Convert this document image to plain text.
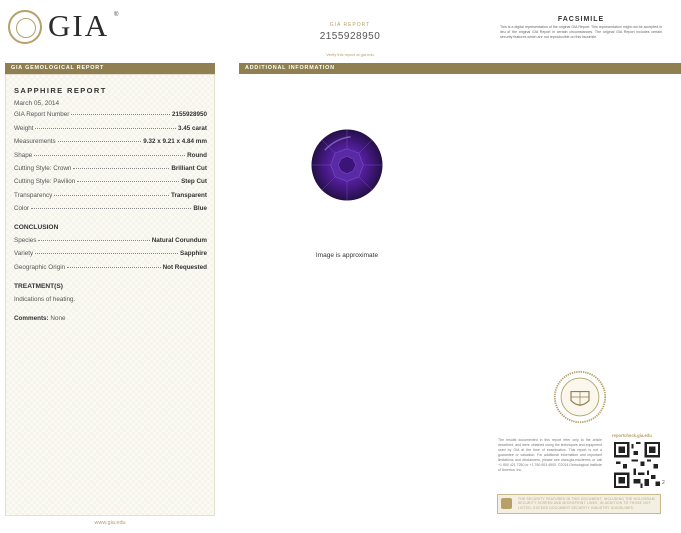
GIA ®
GIA REPORT
2155928950
Verify this report at gia.edu
FACSIMILE
This is a digital representation of the original GIA Report. This representation might not be accepted in lieu of the original GIA Report in certain circumstances. The original GIA Report includes certain security features which are not reproducible on this facsimile.
GIA GEMOLOGICAL REPORT	ADDITIONAL INFORMATION
SAPPHIRE REPORT
March 05, 2014
GIA Report Number	2155928950
Weight	3.45 carat
Measurements	9.32 x 9.21 x 4.84 mm
Shape	Round
Cutting Style: Crown	Brilliant Cut
Cutting Style: Pavilion	Step Cut
Transparency	Transparent
Color	Blue
CONCLUSION
Species	Natural Corundum
Variety	Sapphire
Geographic Origin	Not Requested
TREATMENT(S)
Indications of heating.
Comments: None
Image is approximate
The results documented in this report refer only to the article described, and were obtained using the techniques and equipment used by GIA at the time of examination. This report is not a guarantee or valuation. For additional information and important limitations and disclaimers, please see www.gia.edu/terms or call +1 800 421 7250 or +1 760 603 4500. ©2014 Gemological Institute of America, Inc.
reportcheck.gia.edu
2
THE SECURITY FEATURES IN THIS DOCUMENT, INCLUDING THE HOLOGRAM, SECURITY SCREEN AND MICROPRINT LINES, IN ADDITION TO THOSE NOT LISTED, EXCEED DOCUMENT SECURITY INDUSTRY GUIDELINES.
www.gia.edu
